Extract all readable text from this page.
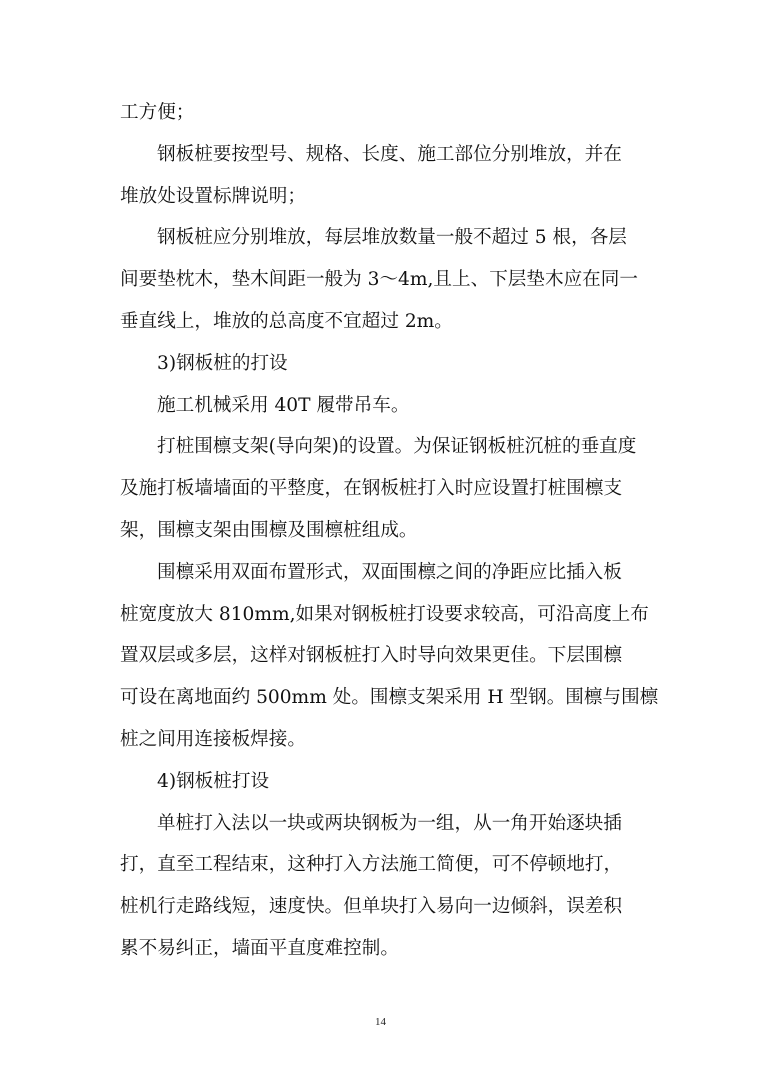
工方便；
钢板桩要按型号、规格、长度、施工部位分别堆放，并在
堆放处设置标牌说明；
钢板桩应分别堆放，每层堆放数量一般不超过 5 根，各层
间要垫枕木，垫木间距一般为 3～4m,且上、下层垫木应在同一
垂直线上，堆放的总高度不宜超过 2m。
3)钢板桩的打设
施工机械采用 40T 履带吊车。
打桩围檩支架(导向架)的设置。为保证钢板桩沉桩的垂直度
及施打板墙墙面的平整度，在钢板桩打入时应设置打桩围檩支
架，围檩支架由围檩及围檩桩组成。
围檩采用双面布置形式，双面围檩之间的净距应比插入板
桩宽度放大 810mm,如果对钢板桩打设要求较高，可沿高度上布
置双层或多层，这样对钢板桩打入时导向效果更佳。下层围檩
可设在离地面约 500mm 处。围檩支架采用 H 型钢。围檩与围檩
桩之间用连接板焊接。
4)钢板桩打设
单桩打入法以一块或两块钢板为一组，从一角开始逐块插
打，直至工程结束，这种打入方法施工简便，可不停顿地打，
桩机行走路线短，速度快。但单块打入易向一边倾斜，误差积
累不易纠正，墙面平直度难控制。
14
